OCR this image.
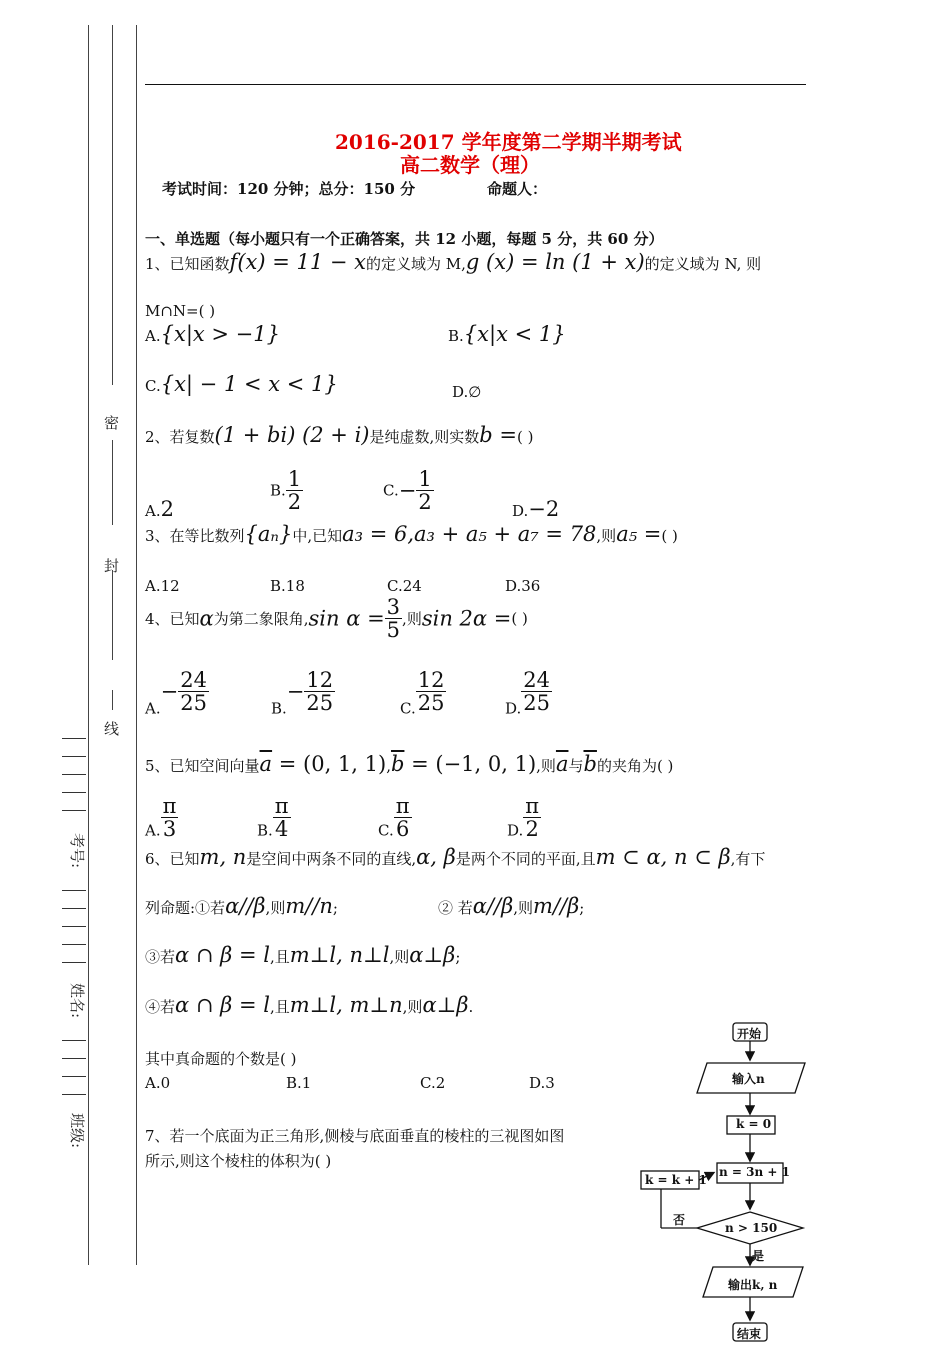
密
封
线
考号:
姓名:
班级:
2016-2017 学年度第二学期半期考试
高二数学（理）
考试时间：120 分钟；总分：150 分	命题人：
一、单选题（每小题只有一个正确答案，共 12 小题，每题 5 分，共 60 分）
1、已知函数f(x) = 11 − x的定义域为 M,g (x) = ln (1 + x)的定义域为 N, 则
M∩N=( )
A.{x|x > −1}	B.{x|x < 1}
C.{x| − 1 < x < 1}	D.∅
2、若复数(1 + bi) (2 + i)是纯虚数,则实数b =( )
A.2
B. $\frac{1}{2}$	$C.- \frac{1}{2}$	D.−2
3、在等比数列{aₙ}中,已知a₃ = 6,a₃ + a₅ + a₇ = 78,则a₅ =( )
A.12	B.18	C.24	D.36
4、已知α为第二象限角,sin $\alpha = \frac{3}{5}$ ,则sin 2α =( )
$A.- \frac{24}{25}$	$B.- \frac{12}{25}$	C. $\frac{12}{25}$	D. $\frac{24}{25}$
5、已知空间向量$\overline{a} = (0$, 1, $1),\overline{b} = (-1$, 0, 1),则$\overline{a}$与$\overline{b}$的夹角为( )
A. $\frac{\pi}{3}$	B. $\frac{\pi}{4}$	C. $\frac{\pi}{6}$	D. $\frac{\pi}{2}$
6、已知m, n是空间中两条不同的直线,α, β是两个不同的平面,且m ⊂ α, n ⊂ β,有下
列命题:①若α//β,则m//n;	② 若α//β,则m//β;
③若α ∩ β = l,且m⊥l, n⊥l,则α⊥β;
④若α ∩ β = l,且m⊥l, m⊥n,则α⊥β.
其中真命题的个数是( )
A.0	B.1	C.2	D.3
7、若一个底面为正三角形,侧棱与底面垂直的棱柱的三视图如图
所示,则这个棱柱的体积为( )
开始
输入n
k = 0
n = 3n + 1
n > 150
k = k + 1
否
是
输出k, n
结束
